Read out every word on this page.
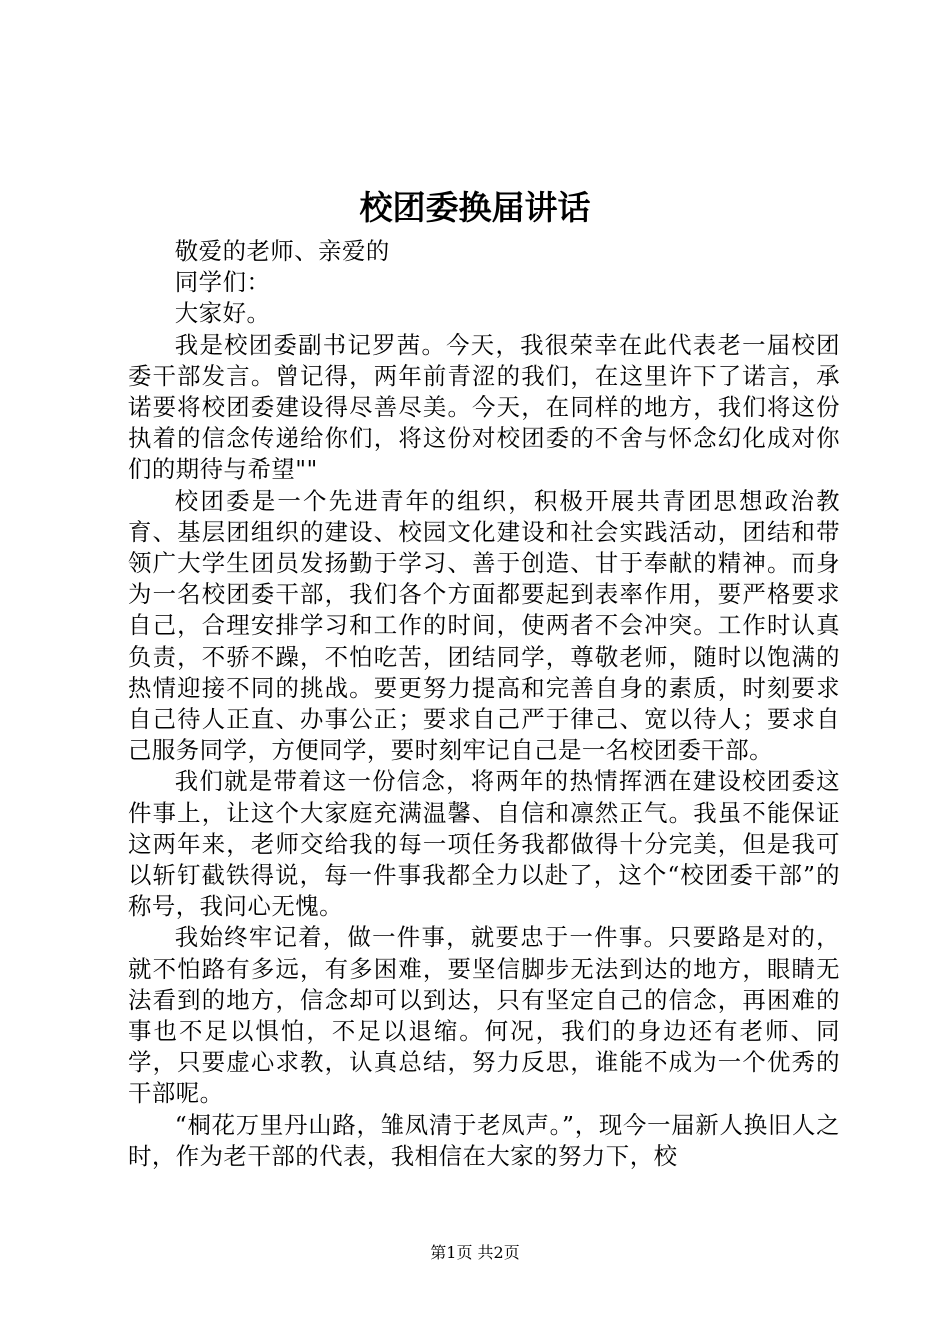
校团委换届讲话

敬爱的老师、亲爱的

同学们：

大家好。

我是校团委副书记罗茜。今天，我很荣幸在此代表老一届校团委干部发言。曾记得，两年前青涩的我们，在这里许下了诺言，承诺要将校团委建设得尽善尽美。今天，在同样的地方，我们将这份执着的信念传递给你们，将这份对校团委的不舍与怀念幻化成对你们的期待与希望""

校团委是一个先进青年的组织，积极开展共青团思想政治教育、基层团组织的建设、校园文化建设和社会实践活动，团结和带领广大学生团员发扬勤于学习、善于创造、甘于奉献的精神。而身为一名校团委干部，我们各个方面都要起到表率作用，要严格要求自己，合理安排学习和工作的时间，使两者不会冲突。工作时认真负责，不骄不躁，不怕吃苦，团结同学，尊敬老师，随时以饱满的热情迎接不同的挑战。要更努力提高和完善自身的素质，时刻要求自己待人正直、办事公正；要求自己严于律己、宽以待人；要求自己服务同学，方便同学，要时刻牢记自己是一名校团委干部。

我们就是带着这一份信念，将两年的热情挥洒在建设校团委这件事上，让这个大家庭充满温馨、自信和凛然正气。我虽不能保证这两年来，老师交给我的每一项任务我都做得十分完美，但是我可以斩钉截铁得说，每一件事我都全力以赴了，这个“校团委干部”的称号，我问心无愧。

我始终牢记着，做一件事，就要忠于一件事。只要路是对的，就不怕路有多远，有多困难，要坚信脚步无法到达的地方，眼睛无法看到的地方，信念却可以到达，只有坚定自己的信念，再困难的事也不足以惧怕，不足以退缩。何况，我们的身边还有老师、同学，只要虚心求教，认真总结，努力反思，谁能不成为一个优秀的干部呢。

“桐花万里丹山路，雏凤清于老凤声。”，现今一届新人换旧人之时，作为老干部的代表，我相信在大家的努力下，校

第1页 共2页
